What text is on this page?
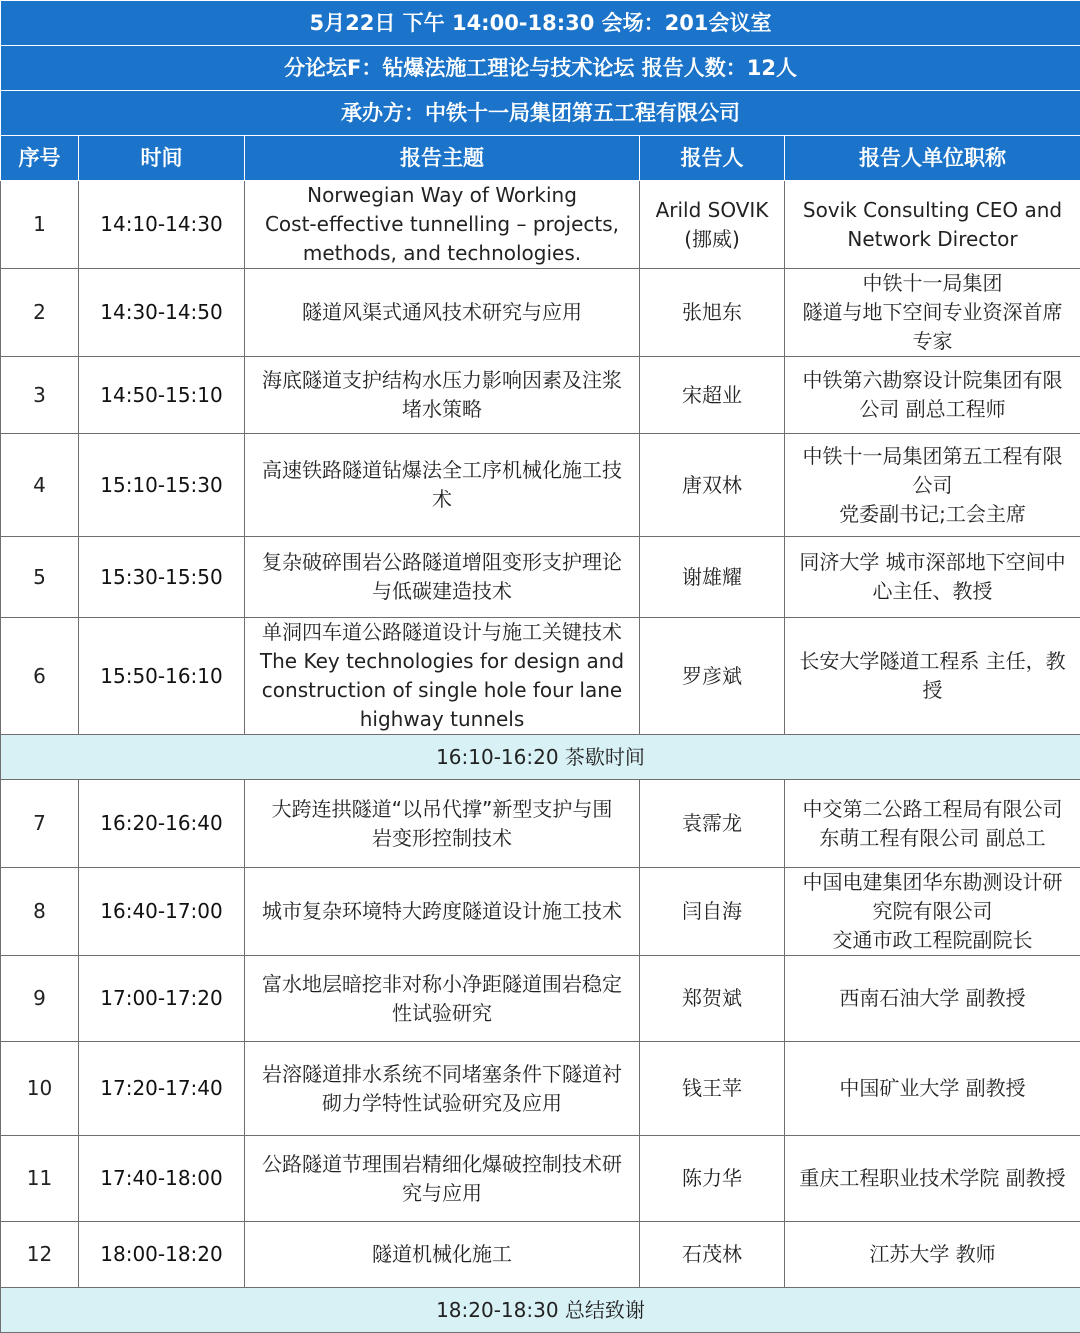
5月22日 下午 14:00-18:30 会场：201会议室				
分论坛F：钻爆法施工理论与技术论坛 报告人数：12人				
承办方：中铁十一局集团第五工程有限公司				
序号	时间	报告主题	报告人	报告人单位职称
1	14:10-14:30	Norwegian Way of Working
Cost-effective tunnelling – projects,
methods, and technologies.	Arild SOVIK
(挪威)	Sovik Consulting CEO and
Network Director

2	14:30-14:50	隧道风渠式通风技术研究与应用	张旭东	中铁十一局集团
隧道与地下空间专业资深首席
专家

3	14:50-15:10	海底隧道支护结构水压力影响因素及注浆
堵水策略	宋超业	中铁第六勘察设计院集团有限
公司 副总工程师

4	15:10-15:30	高速铁路隧道钻爆法全工序机械化施工技
术	唐双林	中铁十一局集团第五工程有限
公司
党委副书记;工会主席

5	15:30-15:50	复杂破碎围岩公路隧道增阻变形支护理论
与低碳建造技术	谢雄耀	同济大学 城市深部地下空间中
心主任、教授

6	15:50-16:10	单洞四车道公路隧道设计与施工关键技术
The Key technologies for design and
construction of single hole four lane
highway tunnels	罗彦斌	长安大学隧道工程系 主任，教
授

16:10-16:20 茶歇时间				
7	16:20-16:40	大跨连拱隧道“以吊代撑”新型支护与围
岩变形控制技术	袁霈龙	中交第二公路工程局有限公司
东萌工程有限公司 副总工

8	16:40-17:00	城市复杂环境特大跨度隧道设计施工技术	闫自海	中国电建集团华东勘测设计研
究院有限公司
交通市政工程院副院长

9	17:00-17:20	富水地层暗挖非对称小净距隧道围岩稳定
性试验研究	郑贺斌	西南石油大学 副教授

10	17:20-17:40	岩溶隧道排水系统不同堵塞条件下隧道衬
砌力学特性试验研究及应用	钱王苹	中国矿业大学 副教授

11	17:40-18:00	公路隧道节理围岩精细化爆破控制技术研
究与应用	陈力华	重庆工程职业技术学院 副教授

12	18:00-18:20	隧道机械化施工	石茂林	江苏大学 教师

18:20-18:30 总结致谢				
